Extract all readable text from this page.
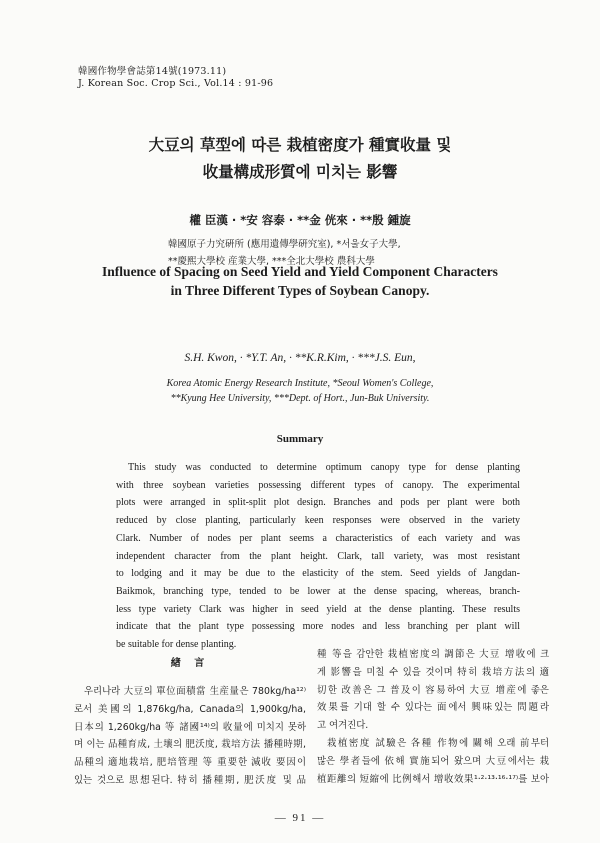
韓國作物學會誌第14號(1973.11)
J. Korean Soc. Crop Sci., Vol.14 : 91-96
大豆의 草型에 따른 栽植密度가 種實收量 및
收量構成形質에 미치는 影響
權 臣漢 · *安 容泰 · **金 侊來 · **殷 鍾旋
韓國原子力究硏所 (應用遺傳學硏究室), *서울女子大學,
**慶熙大學校 産業大學, ***全北大學校 農科大學
Influence of Spacing on Seed Yield and Yield Component Characters
in Three Different Types of Soybean Canopy.
S.H. Kwon, · *Y.T. An, · **K.R.Kim, · ***J.S. Eun,
Korea Atomic Energy Research Institute, *Seoul Women's College,
**Kyung Hee University, ***Dept. of Hort., Jun-Buk University.
Summary
This study was conducted to determine optimum canopy type for dense planting
with three soybean varieties possessing different types of canopy. The experimental
plots were arranged in split-split plot design. Branches and pods per plant were both
reduced by close planting, particularly keen responses were observed in the variety
Clark. Number of nodes per plant seems a characteristics of each variety and was
independent character from the plant height. Clark, tall variety, was most resistant
to lodging and it may be due to the elasticity of the stem. Seed yields of Jangdan-
Baikmok, branching type, tended to be lower at the dense spacing, whereas, branch-
less type variety Clark was higher in seed yield at the dense planting. These results
indicate that the plant type possessing more nodes and less branching per plant will
be suitable for dense planting.
緖 言
우리나라 大豆의 單位面積當 生産量은 780kg/ha¹²⁾
로서 美國의 1,876kg/ha, Canada의 1,900kg/ha,
日本의 1,260kg/ha 等 諸國¹⁴⁾의 收量에 미치지 못하
며 이는 品種育成, 土壤의 肥沃度, 栽培方法 播種時期,
品種의 適地栽培, 肥培管理 等 重要한 減收 要因이
있는 것으로 思想된다. 特히 播種期, 肥沃度 및 品
種 等을 감안한 栽植密度의 調節은 大豆 增收에 크
게 影響을 미칠 수 있을 것이며 特히 栽培方法의 適
切한 改善은 그 普及이 容易하여 大豆 增産에 좋은
效果를 기대 할 수 있다는 面에서 興味있는 問題라
고 여겨진다.
栽植密度 試驗은 各種 作物에 關해 오래 前부터
많은 學者들에 依해 實施되어 왔으며 大豆에서는 栽
植距離의 短縮에 比例해서 增收效果¹·²·¹³·¹⁶·¹⁷⁾를 보아
— 91 —
